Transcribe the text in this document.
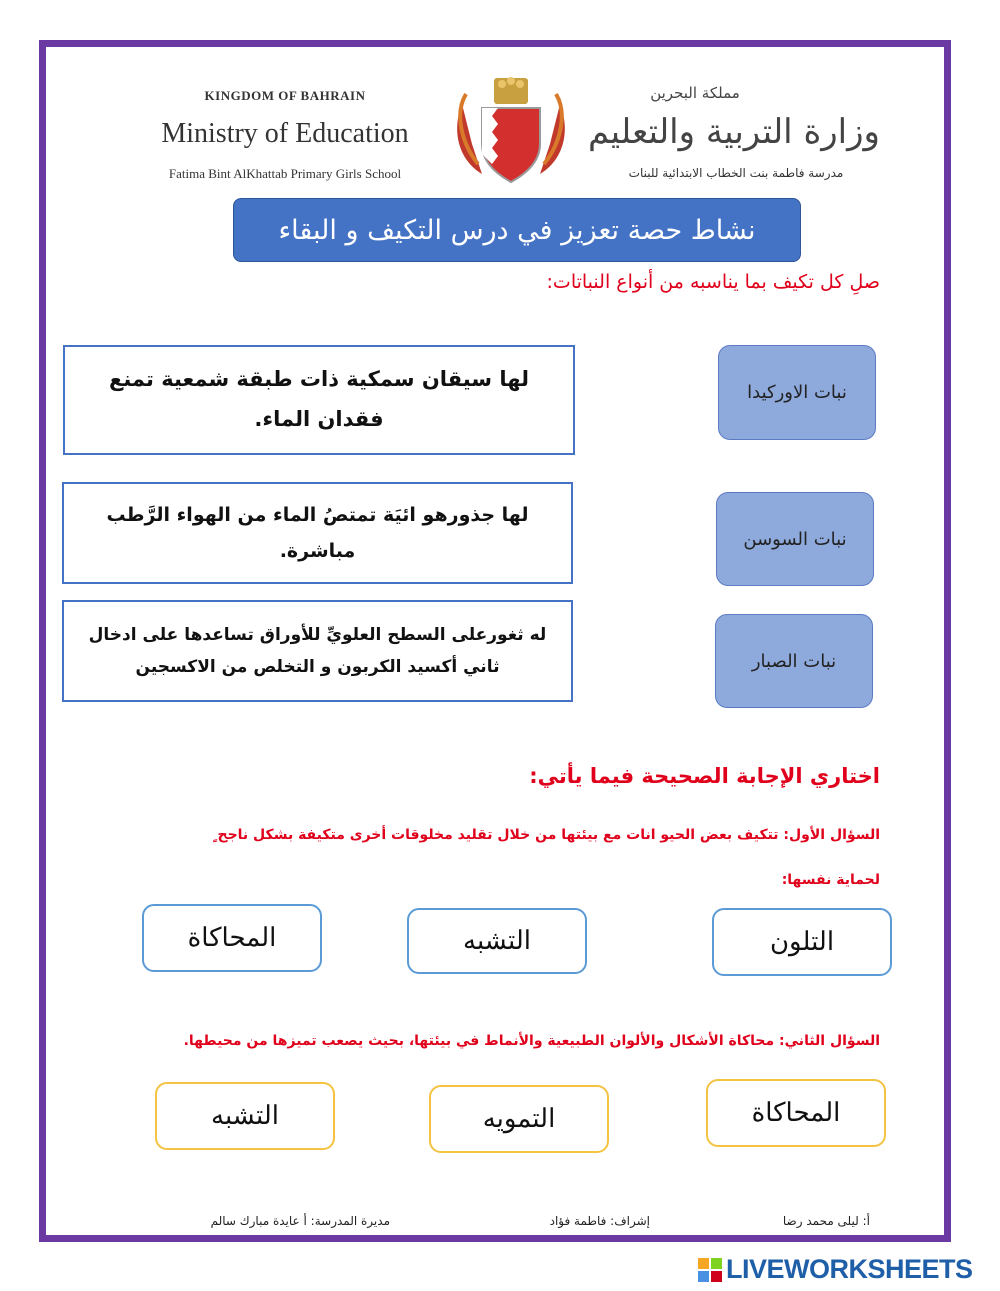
KINGDOM OF BAHRAIN
Ministry of Education
Fatima Bint AlKhattab Primary Girls School
مملكة البحرين
وزارة التربية والتعليم
مدرسة فاطمة بنت الخطاب الابتدائية للبنات
نشاط حصة تعزيز في درس التكيف و البقاء
صلِ كل تكيف بما يناسبه من أنواع النباتات:
لها سيقان سمكية ذات طبقة شمعية تمنع فقدان الماء.
لها جذورهو ائيَة تمتصُ الماء من الهواء الرَّطب مباشرة.
له ثغورعلى السطح العلويِّ للأوراق تساعدها على ادخال ثاني أكسيد الكربون و التخلص من الاكسجين
نبات الاوركيدا
نبات السوسن
نبات الصبار
اختاري الإجابة الصحيحة فيما يأتي:
السؤال الأول: تتكيف بعض الحيو انات مع بيئتها من خلال تقليد مخلوقات أخرى متكيفة بشكل ناجح ٍ
لحماية نفسها:
التلون
التشبه
المحاكاة
السؤال الثاني: محاكاة الأشكال والألوان الطبيعية والأنماط في بيئتها، بحيث يصعب تميزها من محيطها.
المحاكاة
التمويه
التشبه
أ: ليلى محمد رضا
إشراف: فاطمة فؤاد
مديرة المدرسة: أ عايدة مبارك سالم
LIVEWORKSHEETS
